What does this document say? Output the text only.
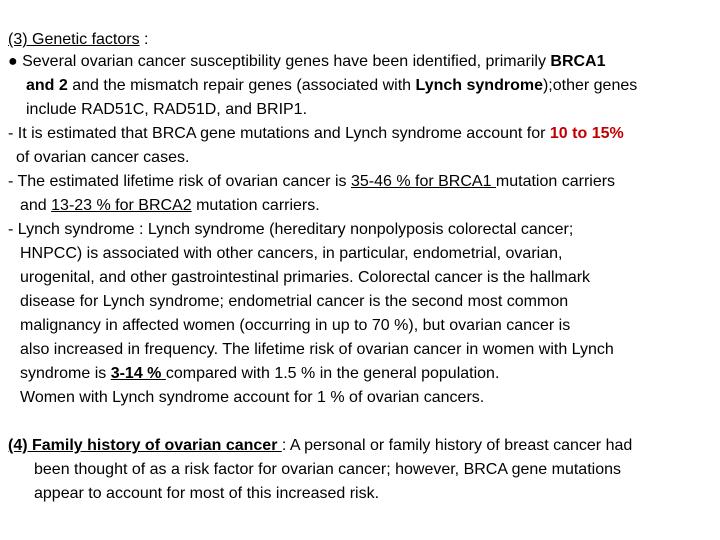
(3) Genetic factors :
● Several ovarian cancer susceptibility genes have been identified, primarily BRCA1
and 2 and the mismatch repair genes (associated with Lynch syndrome);other genes
include RAD51C, RAD51D, and BRIP1.
- It is estimated that BRCA gene mutations and Lynch syndrome account for 10 to 15%
of ovarian cancer cases.
- The estimated lifetime risk of ovarian cancer is 35-46 % for BRCA1 mutation carriers
and 13-23 % for BRCA2 mutation carriers.
- Lynch syndrome : Lynch syndrome (hereditary nonpolyposis colorectal cancer;
HNPCC) is associated with other cancers, in particular, endometrial, ovarian,
urogenital, and other gastrointestinal primaries. Colorectal cancer is the hallmark
disease for Lynch syndrome; endometrial cancer is the second most common
malignancy in affected women (occurring in up to 70 %), but ovarian cancer is
also increased in frequency. The lifetime risk of ovarian cancer in women with Lynch
syndrome is 3-14 % compared with 1.5 % in the general population.
Women with Lynch syndrome account for 1 % of ovarian cancers.
(4) Family history of ovarian cancer : A personal or family history of breast cancer had
been thought of as a risk factor for ovarian cancer; however, BRCA gene mutations
appear to account for most of this increased risk.
